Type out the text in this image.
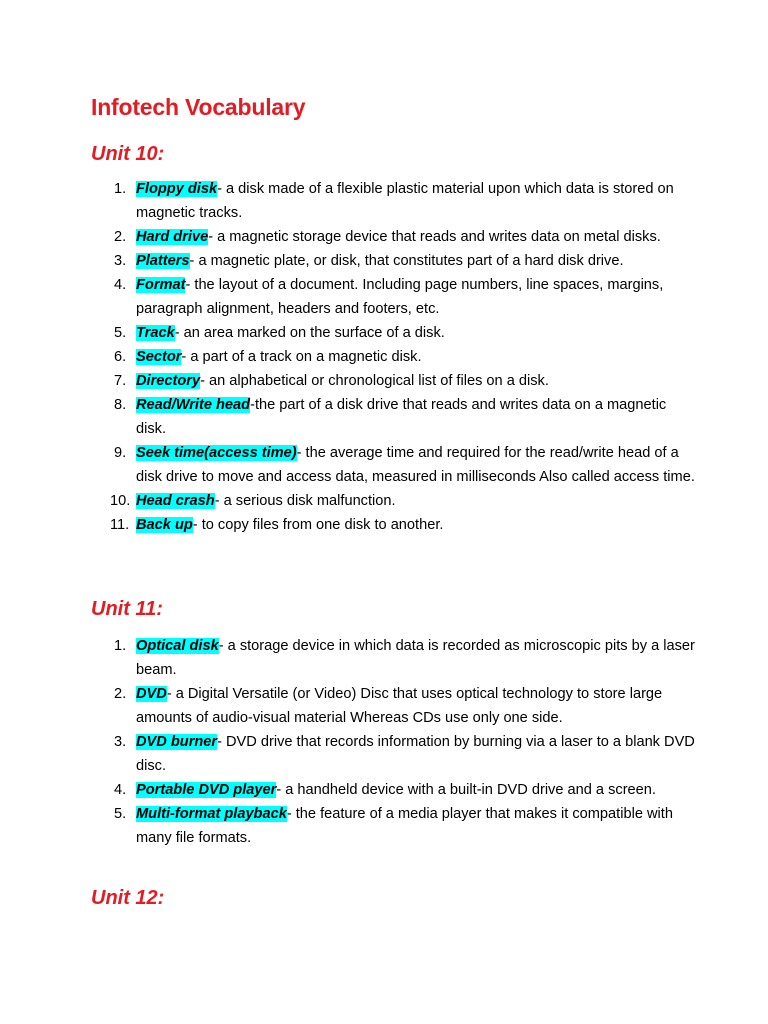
Infotech Vocabulary
Unit 10:
1. Floppy disk- a disk made of a flexible plastic material upon which data is stored on magnetic tracks.
2. Hard drive- a magnetic storage device that reads and writes data on metal disks.
3. Platters- a magnetic plate, or disk, that constitutes part of a hard disk drive.
4. Format- the layout of a document. Including page numbers, line spaces, margins, paragraph alignment, headers and footers, etc.
5. Track- an area marked on the surface of a disk.
6. Sector- a part of a track on a magnetic disk.
7. Directory- an alphabetical or chronological list of files on a disk.
8. Read/Write head-the part of a disk drive that reads and writes data on a magnetic disk.
9. Seek time(access time)- the average time and required for the read/write head of a disk drive to move and access data, measured in milliseconds Also called access time.
10. Head crash- a serious disk malfunction.
11. Back up- to copy files from one disk to another.
Unit 11:
1. Optical disk- a storage device in which data is recorded as microscopic pits by a laser beam.
2. DVD- a Digital Versatile (or Video) Disc that uses optical technology to store large amounts of audio-visual material Whereas CDs use only one side.
3. DVD burner- DVD drive that records information by burning via a laser to a blank DVD disc.
4. Portable DVD player- a handheld device with a built-in DVD drive and a screen.
5. Multi-format playback- the feature of a media player that makes it compatible with many file formats.
Unit 12:
